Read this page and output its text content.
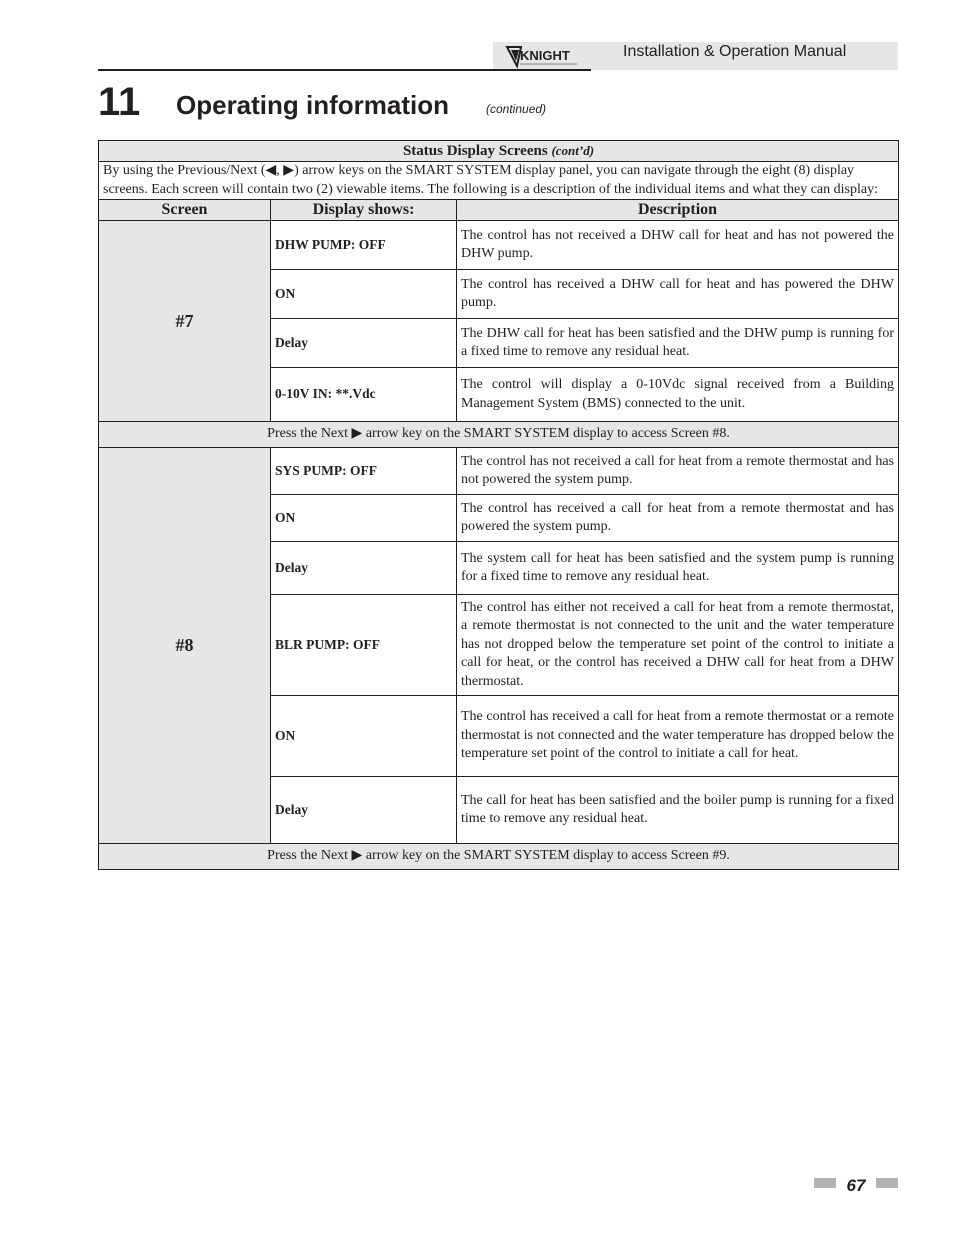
KNIGHT	Installation & Operation Manual
11 Operating information	(continued)
Status Display Screens (cont’d)		
By using the Previous/Next (◀, ▶) arrow keys on the SMART SYSTEM display panel, you can navigate through the eight (8) display screens. Each screen will contain two (2) viewable items. The following is a description of the individual items and what they can display:		
Screen	Display shows:	Description
#7	DHW PUMP: OFF	The control has not received a DHW call for heat and has not powered the DHW pump.
	ON	The control has received a DHW call for heat and has powered the DHW pump.
	Delay	The DHW call for heat has been satisfied and the DHW pump is running for a fixed time to remove any residual heat.
	0-10V IN: **.Vdc	The control will display a 0-10Vdc signal received from a Building Management System (BMS) connected to the unit.
Press the Next ▶ arrow key on the SMART SYSTEM display to access Screen #8.		
#8	SYS PUMP: OFF	The control has not received a call for heat from a remote thermostat and has not powered the system pump.
	ON	The control has received a call for heat from a remote thermostat and has powered the system pump.
	Delay	The system call for heat has been satisfied and the system pump is running for a fixed time to remove any residual heat.
	BLR PUMP: OFF	The control has either not received a call for heat from a remote thermostat, a remote thermostat is not connected to the unit and the water temperature has not dropped below the temperature set point of the control to initiate a call for heat, or the control has received a DHW call for heat from a DHW thermostat.
	ON	The control has received a call for heat from a remote thermostat or a remote thermostat is not connected and the water temperature has dropped below the temperature set point of the control to initiate a call for heat.
	Delay	The call for heat has been satisfied and the boiler pump is running for a fixed time to remove any residual heat.
Press the Next ▶ arrow key on the SMART SYSTEM display to access Screen #9.		
67
